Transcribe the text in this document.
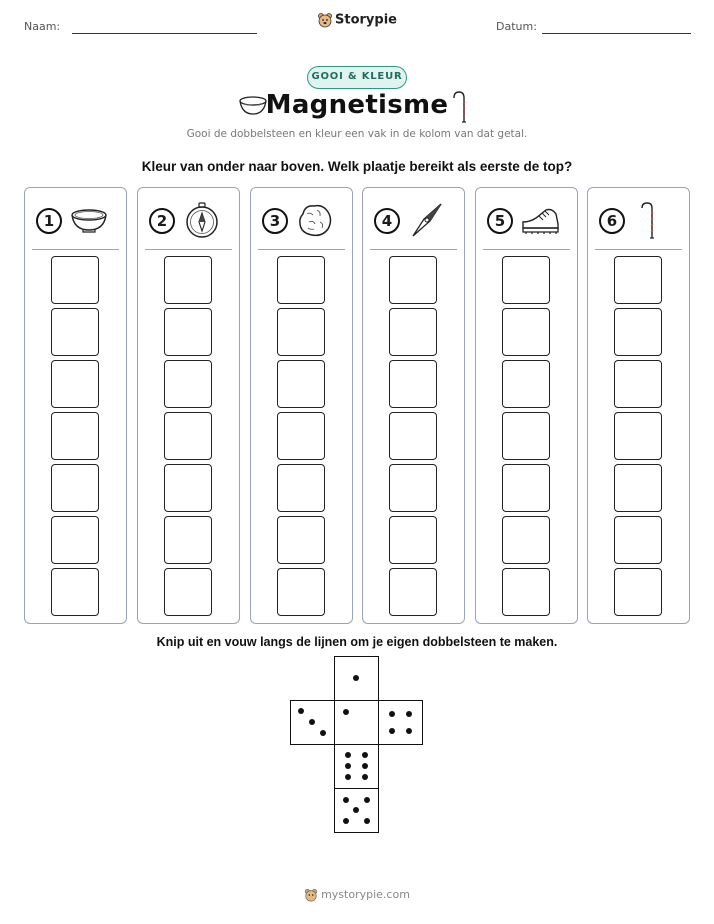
Naam:	Storypie	Datum:
GOOI & KLEUR
Magnetisme
Gooi de dobbelsteen en kleur een vak in de kolom van dat getal.
Kleur van onder naar boven. Welk plaatje bereikt als eerste de top?
1	2	3	4	5	6
Knip uit en vouw langs de lijnen om je eigen dobbelsteen te maken.
mystorypie.com
